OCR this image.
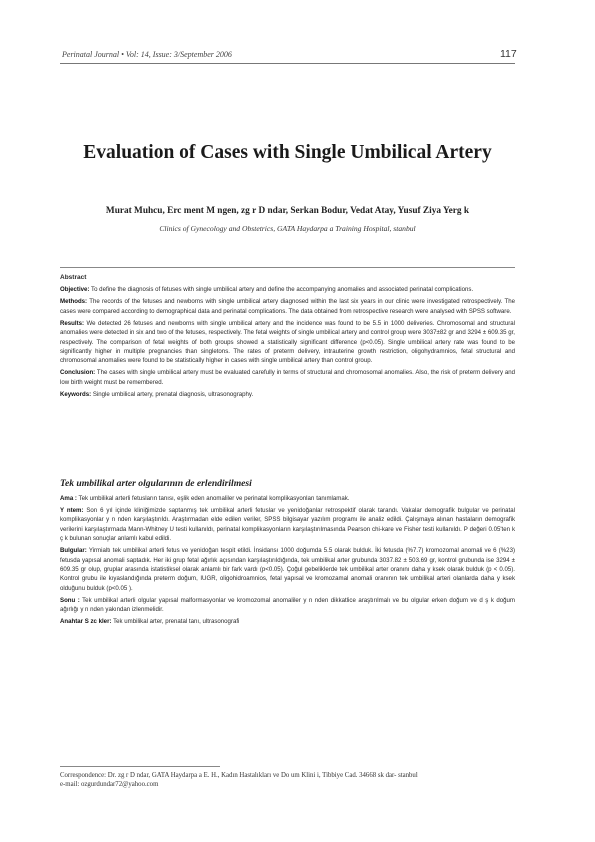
Perinatal Journal • Vol: 14, Issue: 3/September 2006	117
Evaluation of Cases with Single Umbilical Artery
Murat Muhcu, Erc ment M ngen, zg r D ndar, Serkan Bodur, Vedat Atay, Yusuf Ziya Yerg k
Clinics of Gynecology and Obstetrics, GATA Haydarpa a Training Hospital, stanbul
Abstract

Objective: To define the diagnosis of fetuses with single umbilical artery and define the accompanying anomalies and associated perinatal complications.

Methods: The records of the fetuses and newborns with single umbilical artery diagnosed within the last six years in our clinic were investigated retrospectively. The cases were compared according to demographical data and perinatal complications. The data obtained from retrospective research were analysed with SPSS software.

Results: We detected 26 fetuses and newborns with single umbilical artery and the incidence was found to be 5.5 in 1000 deliveries. Chromosomal and structural anomalies were detected in six and two of the fetuses, respectively. The fetal weights of single umbilical artery and control group were 3037±82 gr and 3294 ± 609.35 gr, respectively. The comparison of fetal weights of both groups showed a statistically significant difference (p<0.05). Single umbilical artery rate was found to be significantly higher in multiple pregnancies than singletons. The rates of preterm delivery, intrauterine growth restriction, oligohydramnios, fetal structural and chromosomal anomalies were found to be statistically higher in cases with single umbilical artery than control group.

Conclusion: The cases with single umbilical artery must be evaluated carefully in terms of structural and chromosomal anomalies. Also, the risk of preterm delivery and low birth weight must be remembered.

Keywords: Single umbilical artery, prenatal diagnosis, ultrasonography.

Tek umbilikal arter olgularının de erlendirilmesi

Ama : Tek umbilikal arterli fetusların tanısı, eşlik eden anomaliler ve perinatal komplikasyonları tanımlamak.

Y ntem: Son 6 yıl içinde kliniğimizde saptanmış tek umbilikal arterli fetuslar ve yenidoğanlar retrospektif olarak tarandı. Vakalar demografik bulgular ve perinatal komplikasyonlar y n nden karşılaştırıldı. Araştırmadan elde edilen veriler, SPSS bilgisayar yazılım programı ile analiz edildi. Çalışmaya alınan hastaların demografik verilerini karşılaştırmada Mann-Whitney U testi kullanıldı, perinatal komplikasyonların karşılaştırılmasında Pearson chi-kare ve Fisher testi kullanıldı. P değeri 0.05'ten k ç k bulunan sonuçlar anlamlı kabul edildi.

Bulgular: Yirmialtı tek umbilikal arterli fetus ve yenidoğan tespit etildi. İnsidansı 1000 doğumda 5.5 olarak bulduk. İki fetusda (%7.7) kromozomal anomali ve 6 (%23) fetusda yapısal anomali saptadık. Her iki grup fetal ağırlık açısından karşılaştırıldığında, tek umbilikal arter grubunda 3037.82 ± 503.69 gr, kontrol grubunda ise 3294 ± 609.35 gr olup, gruplar arasında istatistiksel olarak anlamlı bir fark vardı (p<0.05). Çoğul gebeliklerde tek umbilikal arter oranını daha y ksek olarak bulduk (p < 0.05). Kontrol grubu ile kıyaslandığında preterm doğum, IUGR, oligohidroamnios, fetal yapısal ve kromozamal anomali oranının tek umbilikal arteri olanlarda daha y ksek olduğunu bulduk (p<0.05 ).

Sonu : Tek umbilikal arterli olgular yapısal malformasyonlar ve kromozomal anomaliler y n nden dikkatlice araştırılmalı ve bu olgular erken doğum ve d ş k doğum ağırlığı y n nden yakından izlenmelidir.

Anahtar S zc kler: Tek umbilikal arter, prenatal tanı, ultrasonografi

Correspondence: Dr. zg r D ndar, GATA Haydarpa a E. H., Kadın Hastalıkları ve Do um Klini i, Tibbiye Cad. 34668 sk dar- stanbul
e-mail: ozgurdundar72@yahoo.com
